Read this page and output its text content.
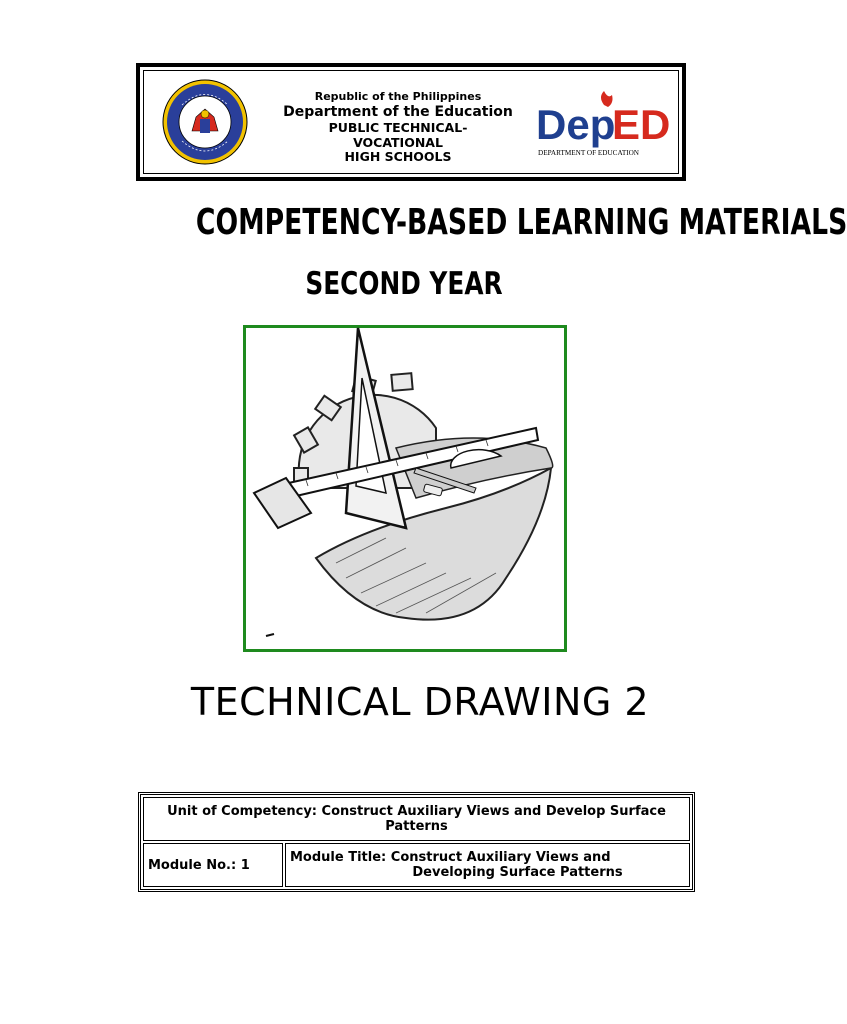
Republic of the Philippines
Department of the Education
PUBLIC TECHNICAL-
VOCATIONAL
HIGH SCHOOLS
Dep
ED
DEPARTMENT OF EDUCATION
COMPETENCY-BASED LEARNING MATERIALS
SECOND YEAR
TECHNICAL DRAWING 2
Unit of Competency: Construct Auxiliary Views and Develop Surface Patterns
Module No.: 1	Module Title: Construct Auxiliary Views and
Developing Surface Patterns
